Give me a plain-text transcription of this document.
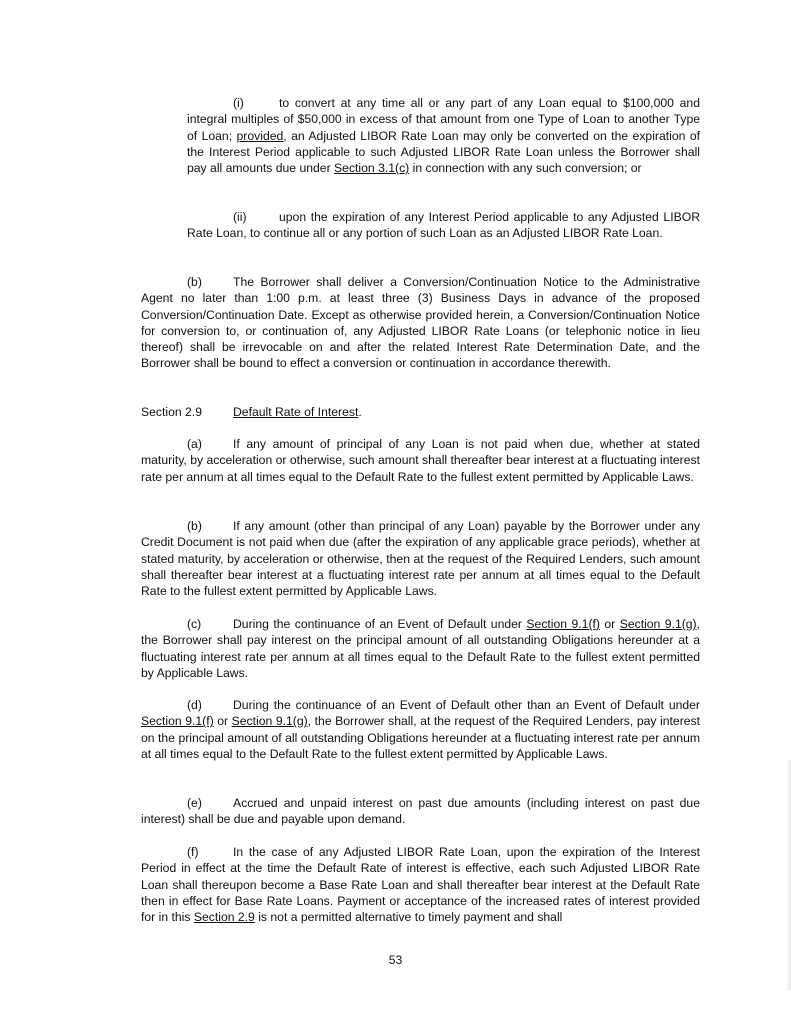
(i)	to convert at any time all or any part of any Loan equal to $100,000 and integral multiples of $50,000 in excess of that amount from one Type of Loan to another Type of Loan; provided, an Adjusted LIBOR Rate Loan may only be converted on the expiration of the Interest Period applicable to such Adjusted LIBOR Rate Loan unless the Borrower shall pay all amounts due under Section 3.1(c) in connection with any such conversion; or
(ii)	upon the expiration of any Interest Period applicable to any Adjusted LIBOR Rate Loan, to continue all or any portion of such Loan as an Adjusted LIBOR Rate Loan.
(b)	The Borrower shall deliver a Conversion/Continuation Notice to the Administrative Agent no later than 1:00 p.m. at least three (3) Business Days in advance of the proposed Conversion/Continuation Date. Except as otherwise provided herein, a Conversion/Continuation Notice for conversion to, or continuation of, any Adjusted LIBOR Rate Loans (or telephonic notice in lieu thereof) shall be irrevocable on and after the related Interest Rate Determination Date, and the Borrower shall be bound to effect a conversion or continuation in accordance therewith.
Section 2.9	Default Rate of Interest.
(a)	If any amount of principal of any Loan is not paid when due, whether at stated maturity, by acceleration or otherwise, such amount shall thereafter bear interest at a fluctuating interest rate per annum at all times equal to the Default Rate to the fullest extent permitted by Applicable Laws.
(b)	If any amount (other than principal of any Loan) payable by the Borrower under any Credit Document is not paid when due (after the expiration of any applicable grace periods), whether at stated maturity, by acceleration or otherwise, then at the request of the Required Lenders, such amount shall thereafter bear interest at a fluctuating interest rate per annum at all times equal to the Default Rate to the fullest extent permitted by Applicable Laws.
(c)	During the continuance of an Event of Default under Section 9.1(f) or Section 9.1(g), the Borrower shall pay interest on the principal amount of all outstanding Obligations hereunder at a fluctuating interest rate per annum at all times equal to the Default Rate to the fullest extent permitted by Applicable Laws.
(d)	During the continuance of an Event of Default other than an Event of Default under Section 9.1(f) or Section 9.1(g), the Borrower shall, at the request of the Required Lenders, pay interest on the principal amount of all outstanding Obligations hereunder at a fluctuating interest rate per annum at all times equal to the Default Rate to the fullest extent permitted by Applicable Laws.
(e)	Accrued and unpaid interest on past due amounts (including interest on past due interest) shall be due and payable upon demand.
(f)	In the case of any Adjusted LIBOR Rate Loan, upon the expiration of the Interest Period in effect at the time the Default Rate of interest is effective, each such Adjusted LIBOR Rate Loan shall thereupon become a Base Rate Loan and shall thereafter bear interest at the Default Rate then in effect for Base Rate Loans. Payment or acceptance of the increased rates of interest provided for in this Section 2.9 is not a permitted alternative to timely payment and shall
53
